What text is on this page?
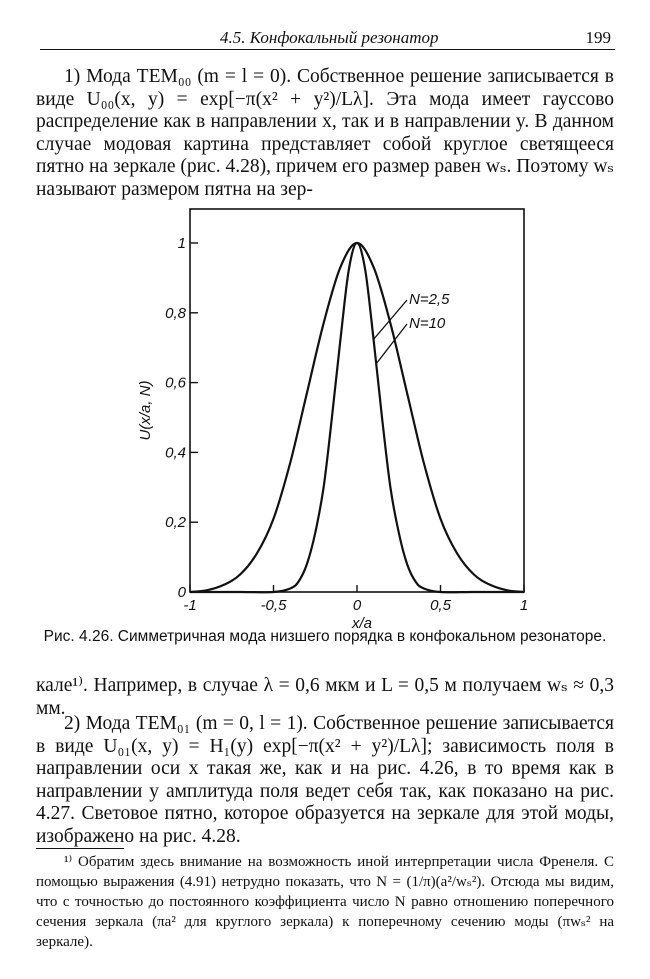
4.5. Конфокальный резонатор	199

1) Мода TEM₀₀ (m = l = 0). Собственное решение записывается в виде U₀₀(x, y) = exp[−π(x² + y²)/Lλ]. Эта мода имеет гауссово распределение как в направлении x, так и в направлении y. В данном случае модовая картина представляет собой круглое светящееся пятно на зеркале (рис. 4.28), причем его размер равен wₛ. Поэтому wₛ называют размером пятна на зер-

-1	-0,5	0	0,5	1
0
0,2
0,4
0,6
0,8
1
N=2,5
N=10
x/a
U(x/a, N)
Рис. 4.26. Симметричная мода низшего порядка в конфокальном резонаторе.

кале¹⁾. Например, в случае λ = 0,6 мкм и L = 0,5 м получаем wₛ ≈ 0,3 мм.

2) Мода TEM₀₁ (m = 0, l = 1). Собственное решение записывается в виде U₀₁(x, y) = H₁(y) exp[−π(x² + y²)/Lλ]; зависимость поля в направлении оси x такая же, как и на рис. 4.26, в то время как в направлении y амплитуда поля ведет себя так, как показано на рис. 4.27. Световое пятно, которое образуется на зеркале для этой моды, изображено на рис. 4.28.

¹⁾ Обратим здесь внимание на возможность иной интерпретации числа Френеля. С помощью выражения (4.91) нетрудно показать, что N = (1/π)(a²/wₛ²). Отсюда мы видим, что с точностью до постоянного коэффициента число N равно отношению поперечного сечения зеркала (πa² для круглого зеркала) к поперечному сечению моды (πwₛ² на зеркале).
